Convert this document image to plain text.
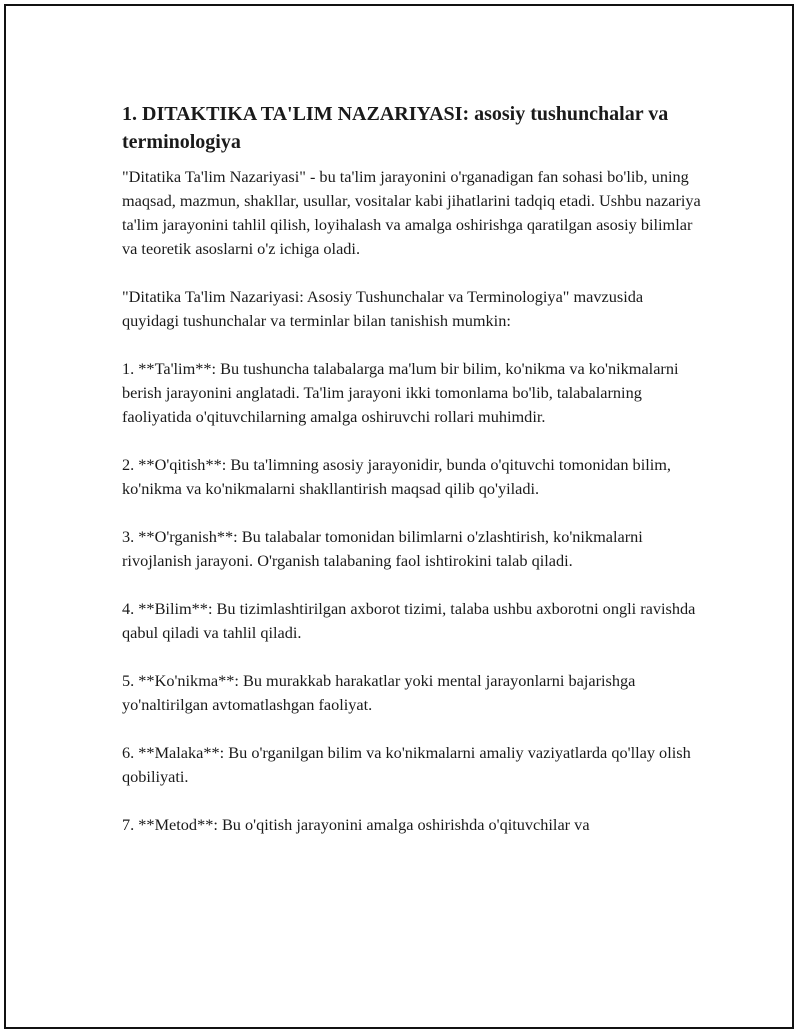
1. DITAKTIKA TA'LIM NAZARIYASI: asosiy tushunchalar va terminologiya

"Ditatika Ta'lim Nazariyasi" - bu ta'lim jarayonini o'rganadigan fan sohasi bo'lib, uning maqsad, mazmun, shakllar, usullar, vositalar kabi jihatlarini tadqiq etadi. Ushbu nazariya ta'lim jarayonini tahlil qilish, loyihalash va amalga oshirishga qaratilgan asosiy bilimlar va teoretik asoslarni o'z ichiga oladi.

"Ditatika Ta'lim Nazariyasi: Asosiy Tushunchalar va Terminologiya" mavzusida quyidagi tushunchalar va terminlar bilan tanishish mumkin:

1. **Ta'lim**: Bu tushuncha talabalarga ma'lum bir bilim, ko'nikma va ko'nikmalarni berish jarayonini anglatadi. Ta'lim jarayoni ikki tomonlama bo'lib, talabalarning faoliyatida o'qituvchilarning amalga oshiruvchi rollari muhimdir.

2. **O'qitish**: Bu ta'limning asosiy jarayonidir, bunda o'qituvchi tomonidan bilim, ko'nikma va ko'nikmalarni shakllantirish maqsad qilib qo'yiladi.

3. **O'rganish**: Bu talabalar tomonidan bilimlarni o'zlashtirish, ko'nikmalarni rivojlanish jarayoni. O'rganish talabaning faol ishtirokini talab qiladi.

4. **Bilim**: Bu tizimlashtirilgan axborot tizimi, talaba ushbu axborotni ongli ravishda qabul qiladi va tahlil qiladi.

5. **Ko'nikma**: Bu murakkab harakatlar yoki mental jarayonlarni bajarishga yo'naltirilgan avtomatlashgan faoliyat.

6. **Malaka**: Bu o'rganilgan bilim va ko'nikmalarni amaliy vaziyatlarda qo'llay olish qobiliyati.

7. **Metod**: Bu o'qitish jarayonini amalga oshirishda o'qituvchilar va
